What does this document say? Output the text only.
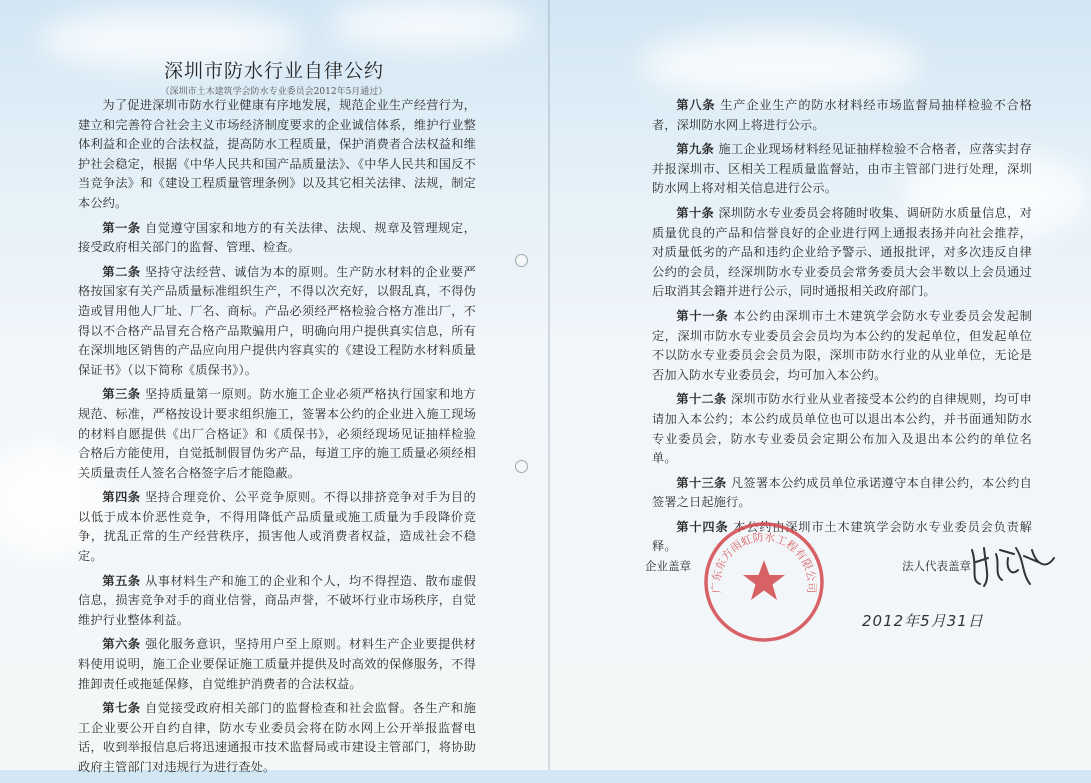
深圳市防水行业自律公约
（深圳市土木建筑学会防水专业委员会2012年5月通过）

为了促进深圳市防水行业健康有序地发展，规范企业生产经营行为，建立和完善符合社会主义市场经济制度要求的企业诚信体系，维护行业整体利益和企业的合法权益，提高防水工程质量，保护消费者合法权益和维护社会稳定，根据《中华人民共和国产品质量法》、《中华人民共和国反不当竞争法》和《建设工程质量管理条例》以及其它相关法律、法规，制定本公约。

第一条 自觉遵守国家和地方的有关法律、法规、规章及管理规定，接受政府相关部门的监督、管理、检查。

第二条 坚持守法经营、诚信为本的原则。生产防水材料的企业要严格按国家有关产品质量标准组织生产，不得以次充好，以假乱真，不得伪造或冒用他人厂址、厂名、商标。产品必须经严格检验合格方准出厂，不得以不合格产品冒充合格产品欺骗用户，明确向用户提供真实信息，所有在深圳地区销售的产品应向用户提供内容真实的《建设工程防水材料质量保证书》（以下简称《质保书》）。

第三条 坚持质量第一原则。防水施工企业必须严格执行国家和地方规范、标准，严格按设计要求组织施工，签署本公约的企业进入施工现场的材料自愿提供《出厂合格证》和《质保书》，必须经现场见证抽样检验合格后方能使用，自觉抵制假冒伪劣产品，每道工序的施工质量必须经相关质量责任人签名合格签字后才能隐蔽。

第四条 坚持合理竞价、公平竞争原则。不得以排挤竞争对手为目的以低于成本价恶性竞争，不得用降低产品质量或施工质量为手段降价竞争，扰乱正常的生产经营秩序，损害他人或消费者权益，造成社会不稳定。

第五条 从事材料生产和施工的企业和个人，均不得捏造、散布虚假信息，损害竞争对手的商业信誉，商品声誉，不破坏行业市场秩序，自觉维护行业整体利益。

第六条 强化服务意识，坚持用户至上原则。材料生产企业要提供材料使用说明，施工企业要保证施工质量并提供及时高效的保修服务，不得推卸责任或拖延保修，自觉维护消费者的合法权益。

第七条 自觉接受政府相关部门的监督检查和社会监督。各生产和施工企业要公开自约自律，防水专业委员会将在防水网上公开举报监督电话，收到举报信息后将迅速通报市技术监督局或市建设主管部门，将协助政府主管部门对违规行为进行查处。

第八条 生产企业生产的防水材料经市场监督局抽样检验不合格者，深圳防水网上将进行公示。

第九条 施工企业现场材料经见证抽样检验不合格者，应落实封存并报深圳市、区相关工程质量监督站，由市主管部门进行处理，深圳防水网上将对相关信息进行公示。

第十条 深圳防水专业委员会将随时收集、调研防水质量信息，对质量优良的产品和信誉良好的企业进行网上通报表扬并向社会推荐，对质量低劣的产品和违约企业给予警示、通报批评，对多次违反自律公约的会员，经深圳防水专业委员会常务委员大会半数以上会员通过后取消其会籍并进行公示，同时通报相关政府部门。

第十一条 本公约由深圳市土木建筑学会防水专业委员会发起制定，深圳市防水专业委员会会员均为本公约的发起单位，但发起单位不以防水专业委员会会员为限，深圳市防水行业的从业单位，无论是否加入防水专业委员会，均可加入本公约。

第十二条 深圳市防水行业从业者接受本公约的自律规则，均可申请加入本公约；本公约成员单位也可以退出本公约，并书面通知防水专业委员会，防水专业委员会定期公布加入及退出本公约的单位名单。

第十三条 凡签署本公约成员单位承诺遵守本自律公约，本公约自签署之日起施行。

第十四条 本公约由深圳市土木建筑学会防水专业委员会负责解释。

企业盖章	法人代表盖章
广东东方雨虹防水工程有限公司
2012年5月31日
